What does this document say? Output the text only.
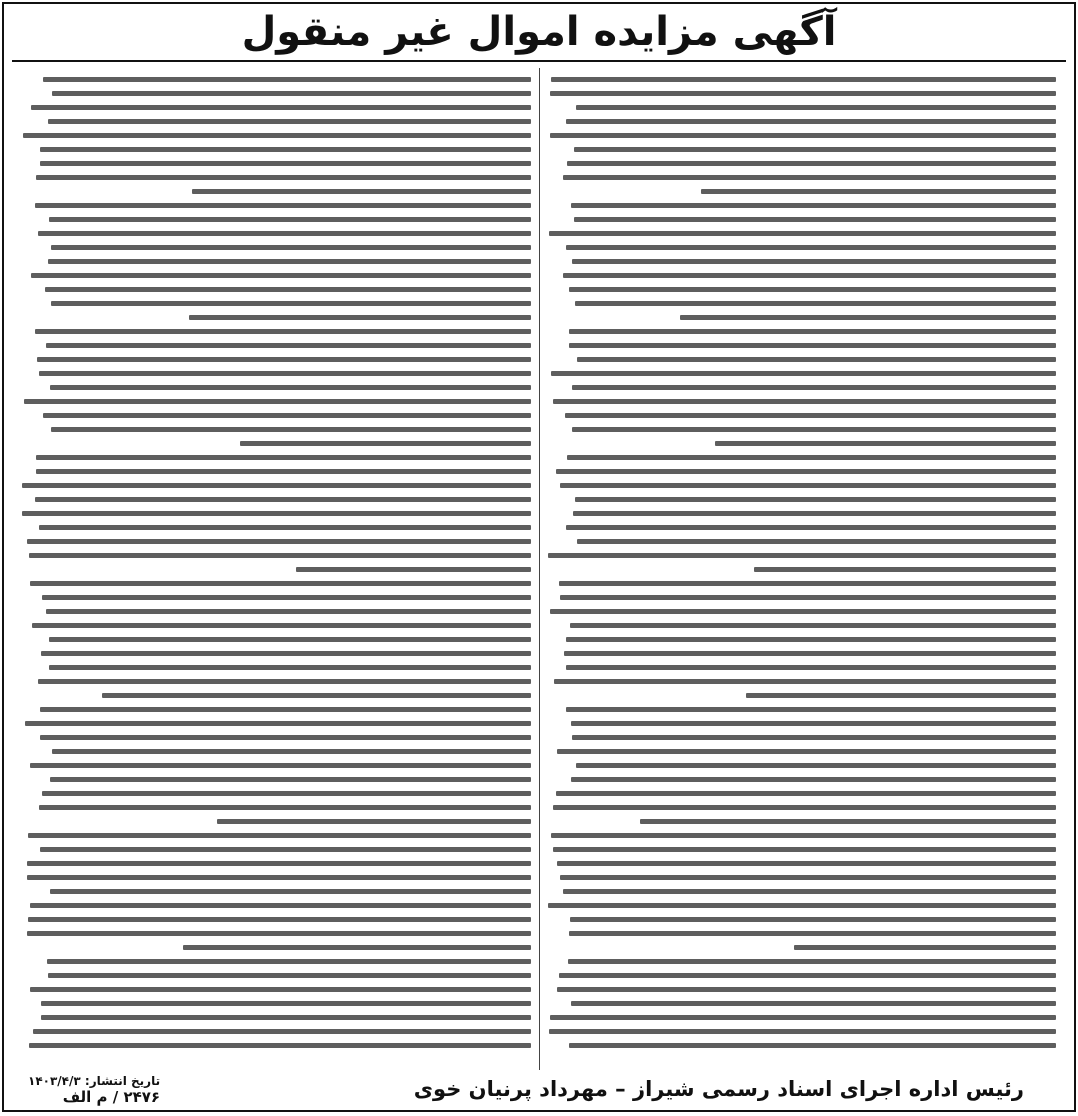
آگهی مزایده اموال غیر منقول
تاریخ انتشار: ۱۴۰۳/۴/۳
۲۴۷۶ / م الف	رئیس اداره اجرای اسناد رسمی شیراز – مهرداد پرنیان خوی
